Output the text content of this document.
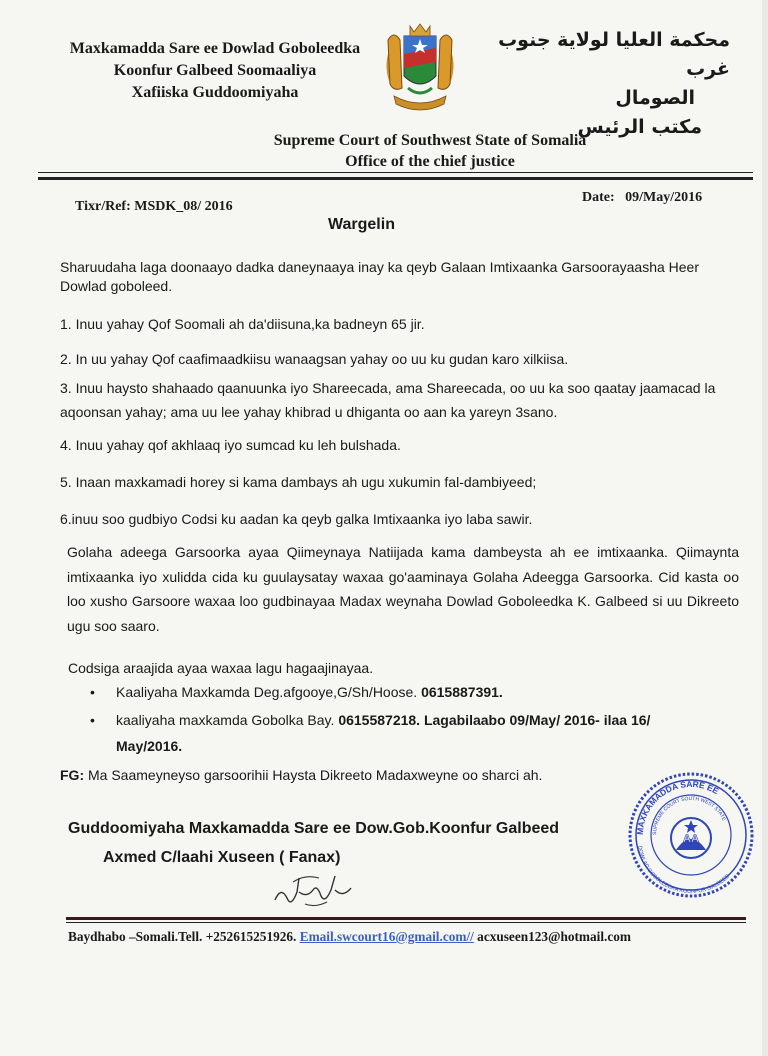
Maxkamadda Sare ee Dowlad Goboleedka
Koonfur Galbeed Soomaaliya
Xafiiska Guddoomiyaha
محكمة العليا لولاية جنوب غرب
الصومال
مكتب الرئيس
Supreme Court of Southwest State of Somalia
Office of the chief justice
Tixr/Ref: MSDK_08/ 2016
Date: 09/May/2016
Wargelin
Sharuudaha laga doonaayo dadka daneynaaya inay ka qeyb Galaan Imtixaanka Garsoorayaasha Heer Dowlad goboleed.
1. Inuu yahay Qof Soomali ah da'diisuna,ka badneyn 65 jir.
2. In uu yahay Qof caafimaadkiisu wanaagsan yahay oo uu ku gudan karo xilkiisa.
3. Inuu haysto shahaado qaanuunka iyo Shareecada, ama Shareecada, oo uu ka soo qaatay jaamacad la aqoonsan yahay; ama uu lee yahay khibrad u dhiganta oo aan ka yareyn 3sano.
4. Inuu yahay qof akhlaaq iyo sumcad ku leh bulshada.
5. Inaan maxkamadi horey si kama dambays ah ugu xukumin fal-dambiyeed;
6.inuu soo gudbiyo Codsi ku aadan ka qeyb galka Imtixaanka iyo laba sawir.
Golaha adeega Garsoorka ayaa Qiimeynaya Natiijada kama dambeysta ah ee imtixaanka. Qiimaynta imtixaanka iyo xulidda cida ku guulaysatay waxaa go'aaminaya Golaha Adeegga Garsoorka. Cid kasta oo loo xusho Garsoore waxaa loo gudbinayaa Madax weynaha Dowlad Goboleedka K. Galbeed si uu Dikreeto ugu soo saaro.
Codsiga araajida ayaa waxaa lagu hagaajinayaa.
• Kaaliyaha Maxkamda Deg.afgooye,G/Sh/Hoose. 0615887391.
• kaaliyaha maxkamda Gobolka Bay. 0615587218. Lagabilaabo 09/May/ 2016- ilaa 16/
May/2016.
FG: Ma Saameyneyso garsoorihii Haysta Dikreeto Madaxweyne oo sharci ah.
Guddoomiyaha Maxkamadda Sare ee Dow.Gob.Koonfur Galbeed
Axmed C/laahi Xuseen ( Fanax)
MAXKAMADDA SARE EE
DOWLAD GOBOLEEDKA KOONFUR GALBEED
SUPREME COURT SOUTH WEST STATE
AA
Baydhabo –Somali.Tell. +252615251926. Email.swcourt16@gmail.com// acxuseen123@hotmail.com
